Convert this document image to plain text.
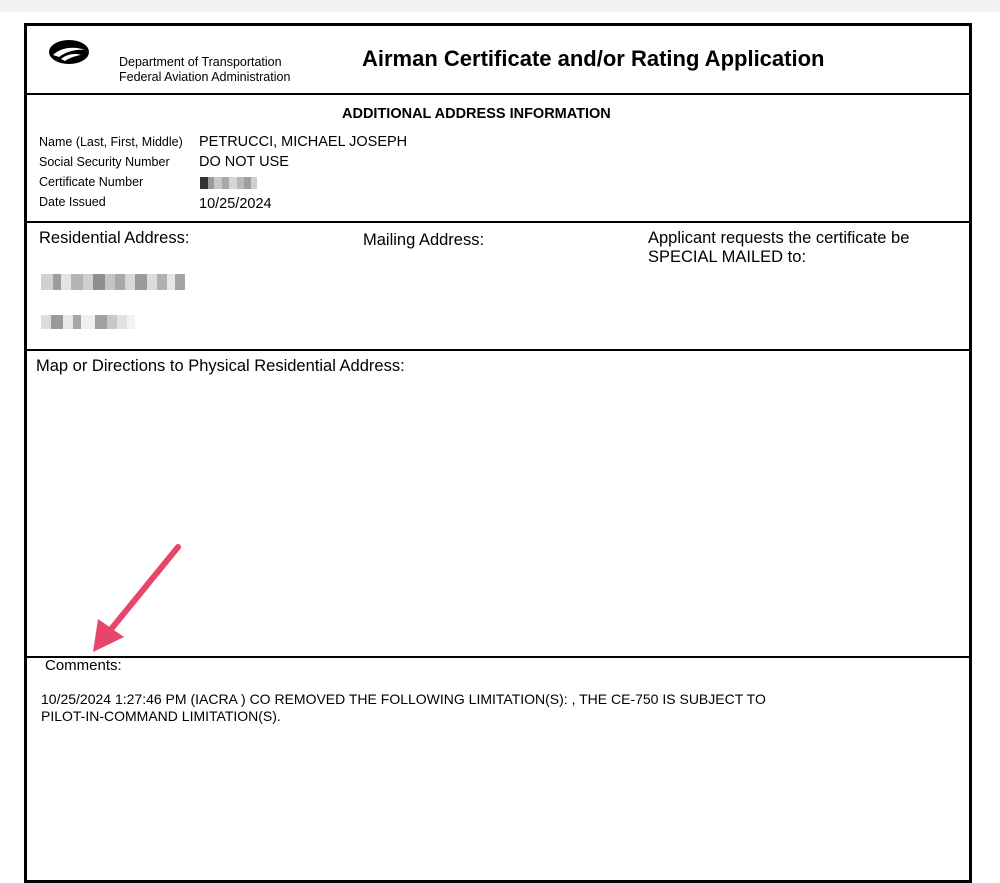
Department of Transportation
Federal Aviation Administration
Airman Certificate and/or Rating Application
ADDITIONAL ADDRESS INFORMATION
Name (Last, First, Middle) PETRUCCI, MICHAEL JOSEPH
Social Security Number DO NOT USE
Certificate Number
Date Issued	10/25/2024
Residential Address:	Mailing Address:	Applicant requests the certificate be
SPECIAL MAILED to:
Map or Directions to Physical Residential Address:
Comments:
10/25/2024 1:27:46 PM (IACRA ) CO REMOVED THE FOLLOWING LIMITATION(S): , THE CE-750 IS SUBJECT TO
PILOT-IN-COMMAND LIMITATION(S).
